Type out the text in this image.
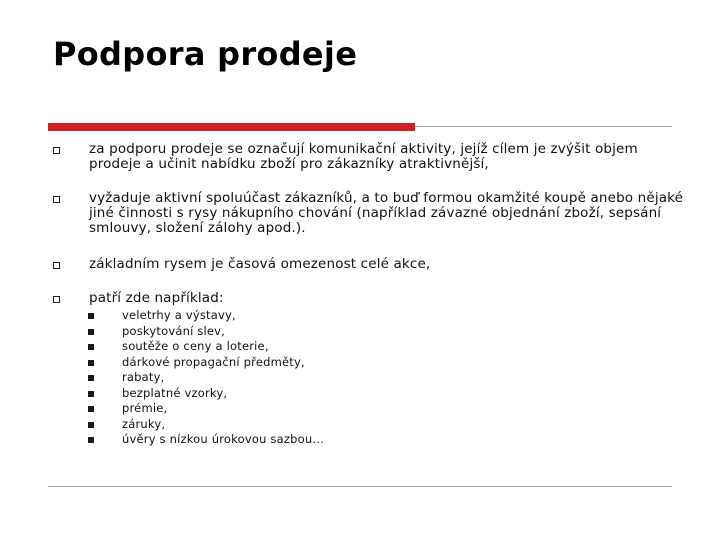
Podpora prodeje
za podporu prodeje se označují komunikační aktivity, jejíž cílem je zvýšit objem prodeje a učinit nabídku zboží pro zákazníky atraktivnější,
vyžaduje aktivní spoluúčast zákazníků, a to buď formou okamžité koupě anebo nějaké jiné činnosti s rysy nákupního chování (například závazné objednání zboží, sepsání smlouvy, složení zálohy apod.).
základním rysem je časová omezenost celé akce,
patří zde například:
veletrhy a výstavy,
poskytování slev,
soutěže o ceny a loterie,
dárkové propagační předměty,
rabaty,
bezplatné vzorky,
prémie,
záruky,
úvěry s nízkou úrokovou sazbou…
